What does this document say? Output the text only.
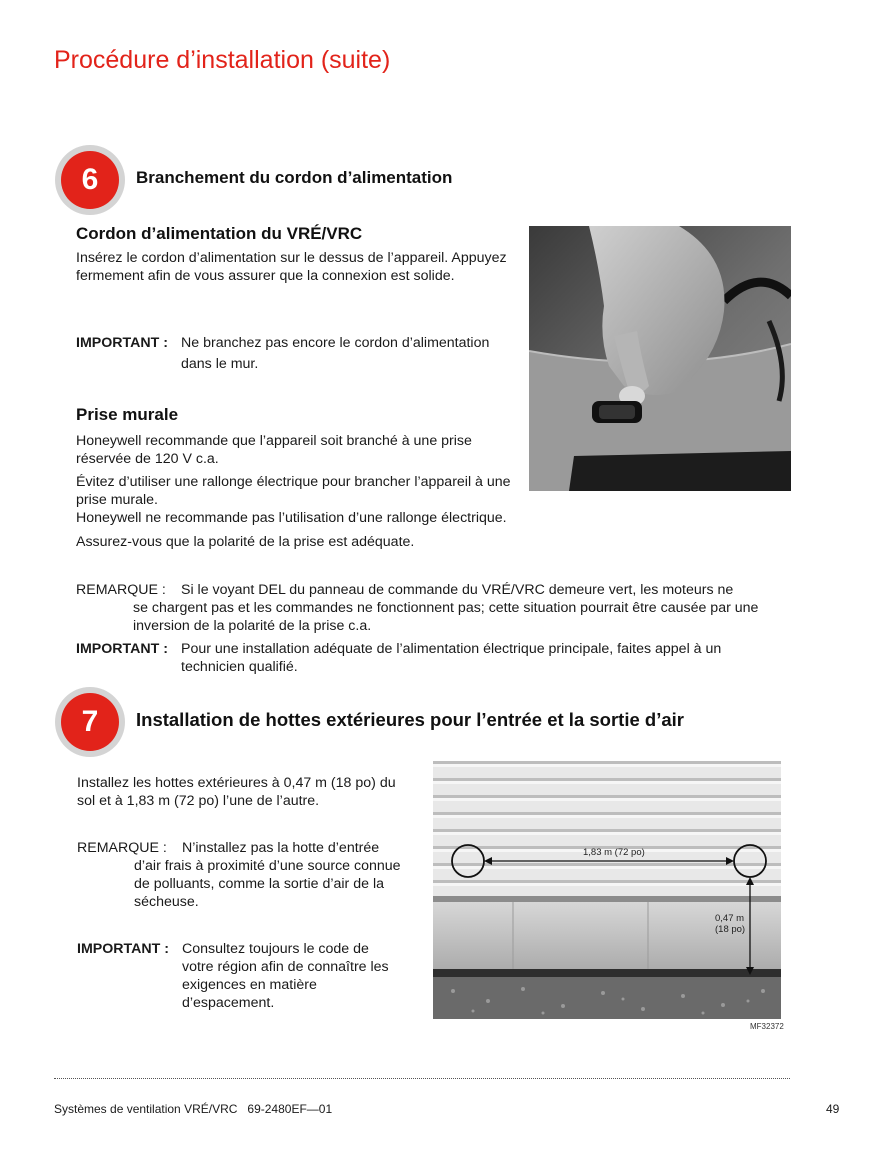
Procédure d’installation (suite)
6	Branchement du cordon d’alimentation
Cordon d’alimentation du VRÉ/VRC
Insérez le cordon d’alimentation sur le dessus de l’appareil. Appuyez fermement afin de vous assurer que la connexion est solide.
IMPORTANT : Ne branchez pas encore le cordon d’alimentation
dans le mur.
Prise murale
Honeywell recommande que l’appareil soit branché à une prise réservée de 120 V c.a.
Évitez d’utiliser une rallonge électrique pour brancher l’appareil à une prise murale.
Honeywell ne recommande pas l’utilisation d’une rallonge électrique.
Assurez-vous que la polarité de la prise est adéquate.
REMARQUE : Si le voyant DEL du panneau de commande du VRÉ/VRC demeure vert, les moteurs ne
se chargent pas et les commandes ne fonctionnent pas; cette situation pourrait être causée par une inversion de la polarité de la prise c.a.
IMPORTANT : Pour une installation adéquate de l’alimentation électrique principale, faites appel à un technicien qualifié.
7	Installation de hottes extérieures pour l’entrée et la sortie d’air
Installez les hottes extérieures à 0,47 m (18 po) du sol et à 1,83 m (72 po) l’une de l’autre.
REMARQUE : N’installez pas la hotte d’entrée
d’air frais à proximité d’une source connue de polluants, comme la sortie d’air de la sécheuse.
IMPORTANT : Consultez toujours le code de votre région afin de connaître les exigences en matière d’espacement.
1,83 m (72 po)
0,47 m
(18 po)
MF32372
Systèmes de ventilation VRÉ/VRC   69-2480EF—01	49
